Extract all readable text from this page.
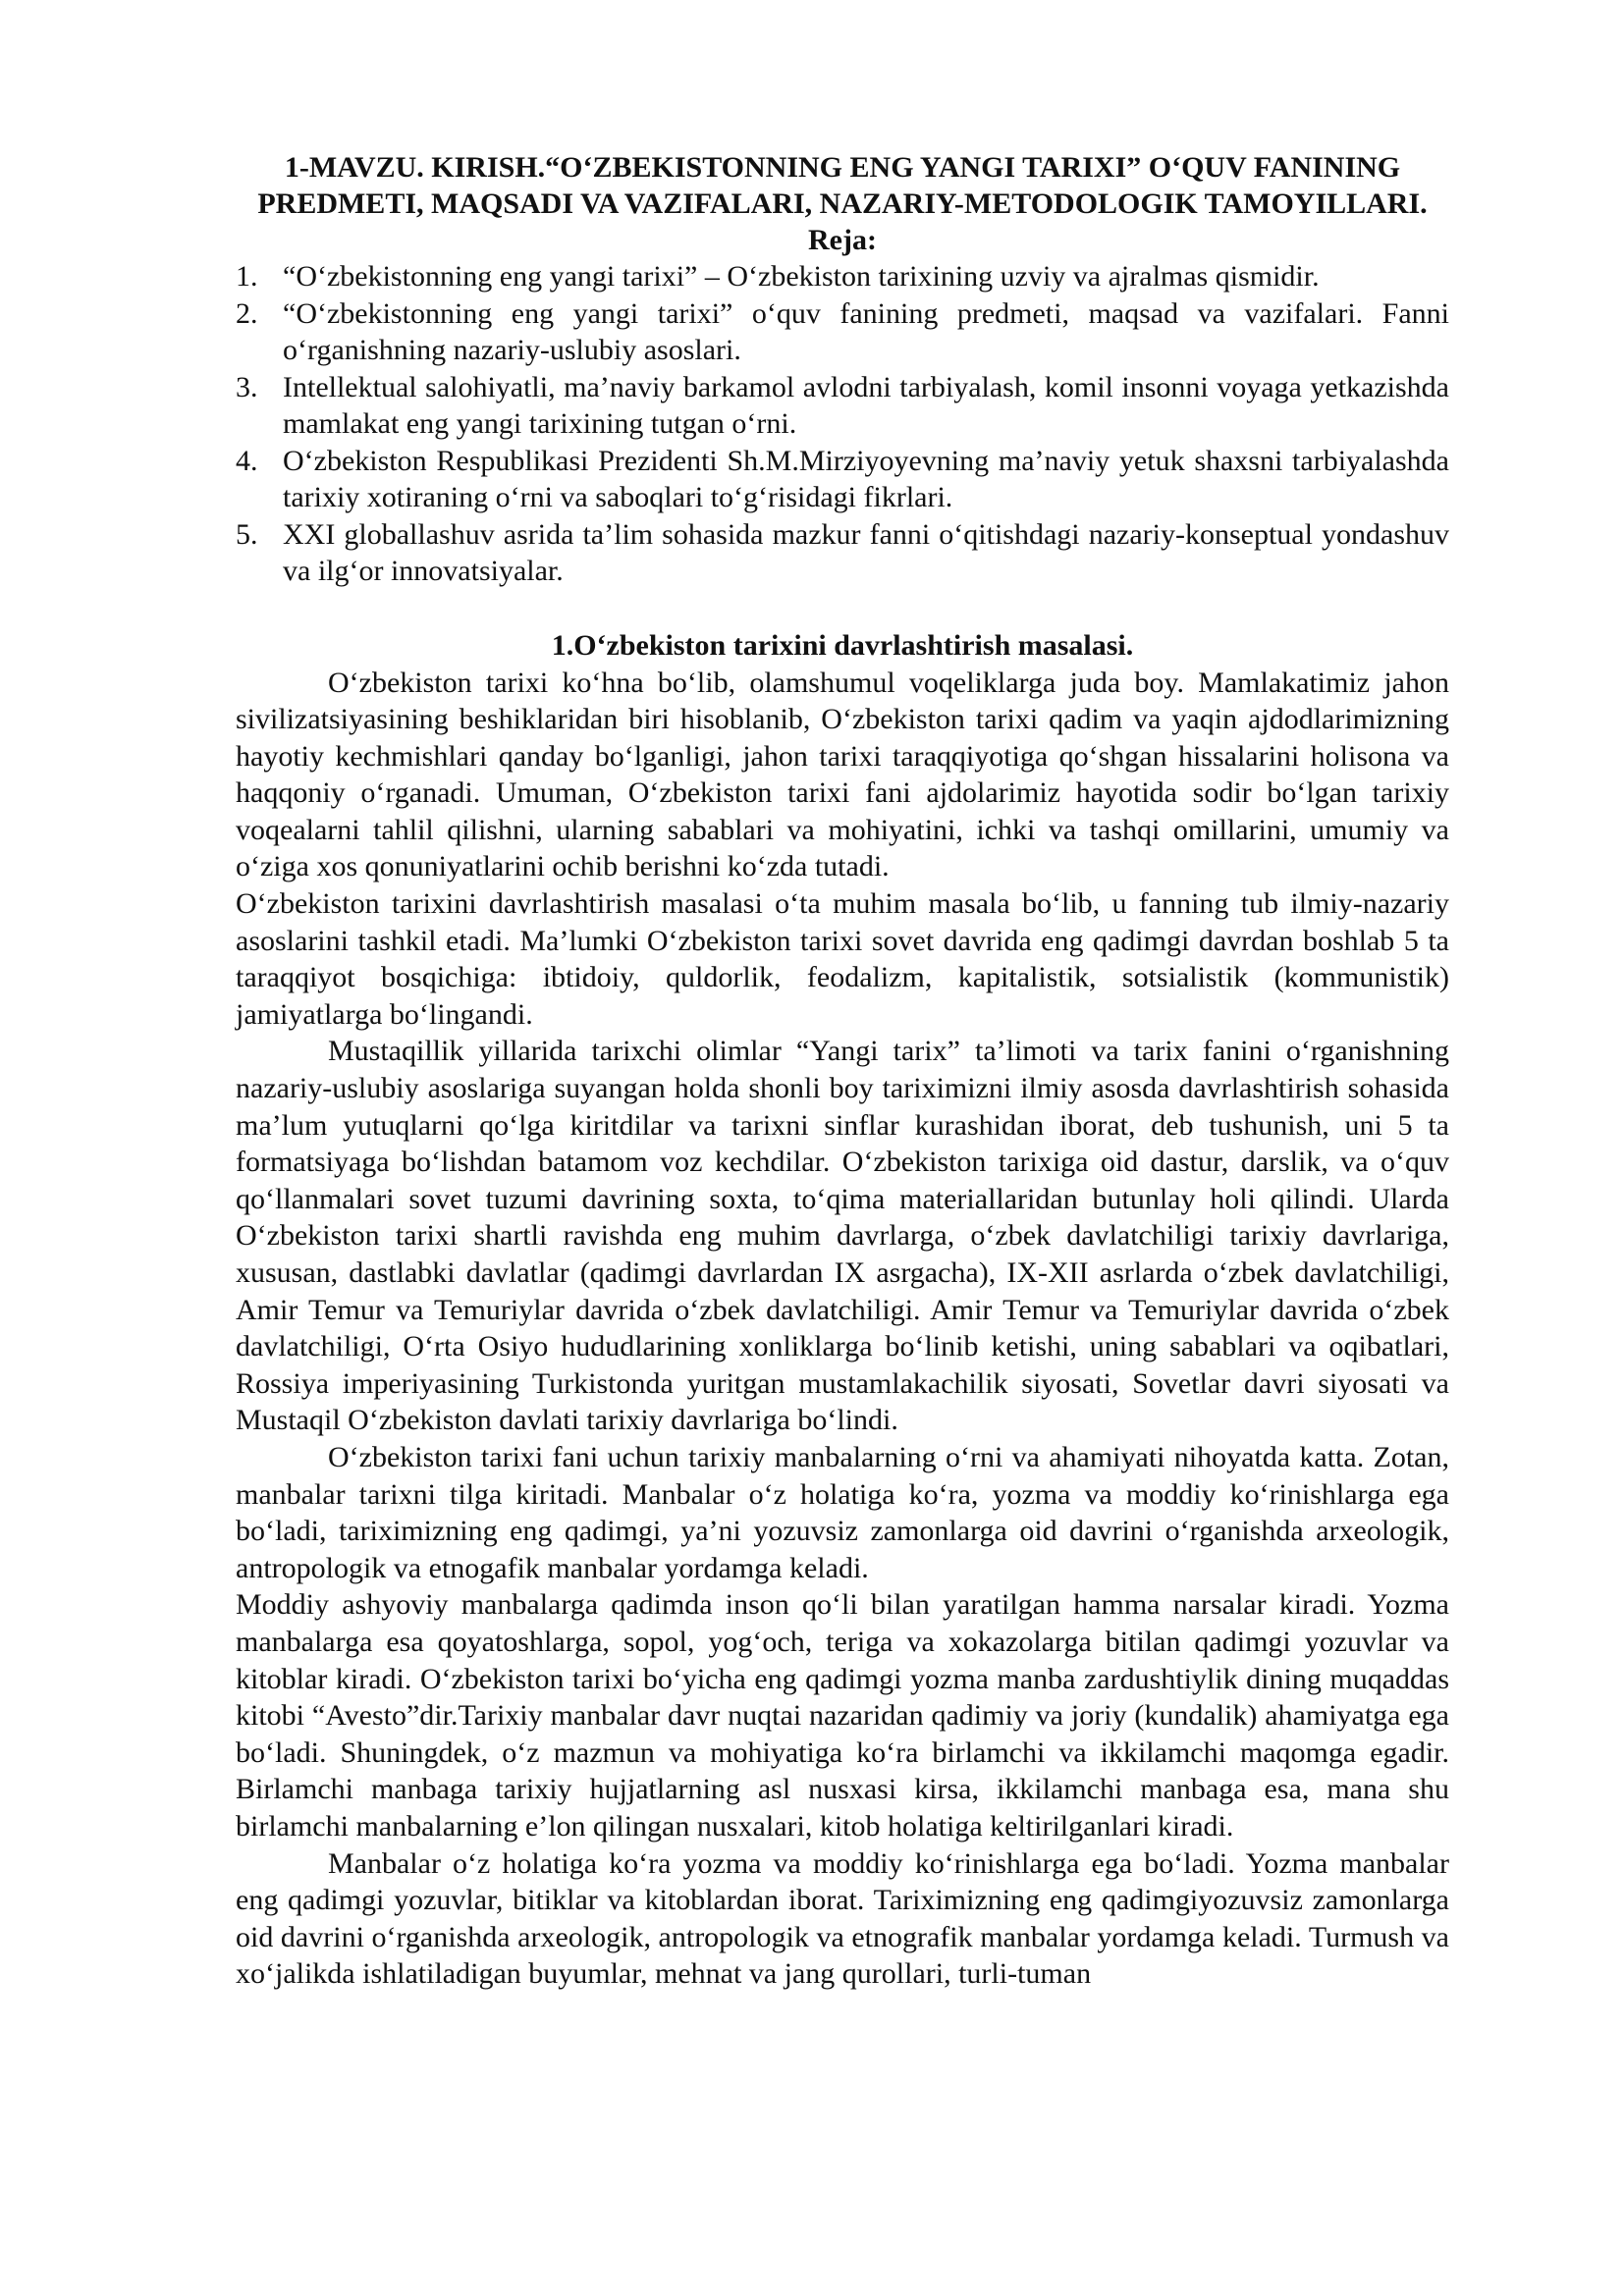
1-MAVZU. KIRISH.“O‘ZBEKISTONNING ENG YANGI TARIXI” O‘QUV FANINING PREDMETI, MAQSADI VA VAZIFALARI, NAZARIY-METODOLOGIK TAMOYILLARI.
Reja:
1. “O‘zbekistonning eng yangi tarixi” – O‘zbekiston tarixining uzviy va ajralmas qismidir.
2. “O‘zbekistonning eng yangi tarixi” o‘quv fanining predmeti, maqsad va vazifalari. Fanni o‘rganishning nazariy-uslubiy asoslari.
3. Intellektual salohiyatli, ma’naviy barkamol avlodni tarbiyalash, komil insonni voyaga yetkazishda mamlakat eng yangi tarixining tutgan o‘rni.
4. O‘zbekiston Respublikasi Prezidenti Sh.M.Mirziyoyevning ma’naviy yetuk shaxsni tarbiyalashda tarixiy xotiraning o‘rni va saboqlari to‘g‘risidagi fikrlari.
5. XXI globallashuv asrida ta’lim sohasida mazkur fanni o‘qitishdagi nazariy-konseptual yondashuv va ilg‘or innovatsiyalar.
1.O‘zbekiston tarixini davrlashtirish masalasi.

O‘zbekiston tarixi ko‘hna bo‘lib, olamshumul voqeliklarga juda boy. Mamlakatimiz jahon sivilizatsiyasining beshiklaridan biri hisoblanib, O‘zbekiston tarixi qadim va yaqin ajdodlarimizning hayotiy kechmishlari qanday bo‘lganligi, jahon tarixi taraqqiyotiga qo‘shgan hissalarini holisona va haqqoniy o‘rganadi. Umuman, O‘zbekiston tarixi fani ajdolarimiz hayotida sodir bo‘lgan tarixiy voqealarni tahlil qilishni, ularning sabablari va mohiyatini, ichki va tashqi omillarini, umumiy va o‘ziga xos qonuniyatlarini ochib berishni ko‘zda tutadi.

O‘zbekiston tarixini davrlashtirish masalasi o‘ta muhim masala bo‘lib, u fanning tub ilmiy-nazariy asoslarini tashkil etadi. Ma’lumki O‘zbekiston tarixi sovet davrida eng qadimgi davrdan boshlab 5 ta taraqqiyot bosqichiga: ibtidoiy, quldorlik, feodalizm, kapitalistik, sotsialistik (kommunistik) jamiyatlarga bo‘lingandi.

Mustaqillik yillarida tarixchi olimlar “Yangi tarix” ta’limoti va tarix fanini o‘rganishning nazariy-uslubiy asoslariga suyangan holda shonli boy tariximizni ilmiy asosda davrlashtirish sohasida ma’lum yutuqlarni qo‘lga kiritdilar va tarixni sinflar kurashidan iborat, deb tushunish, uni 5 ta formatsiyaga bo‘lishdan batamom voz kechdilar. O‘zbekiston tarixiga oid dastur, darslik, va o‘quv qo‘llanmalari sovet tuzumi davrining soxta, to‘qima materiallaridan butunlay holi qilindi. Ularda O‘zbekiston tarixi shartli ravishda eng muhim davrlarga, o‘zbek davlatchiligi tarixiy davrlariga, xususan, dastlabki davlatlar (qadimgi davrlardan IX asrgacha), IX-XII asrlarda o‘zbek davlatchiligi, Amir Temur va Temuriylar davrida o‘zbek davlatchiligi. Amir Temur va Temuriylar davrida o‘zbek davlatchiligi, O‘rta Osiyo hududlarining xonliklarga bo‘linib ketishi, uning sabablari va oqibatlari, Rossiya imperiyasining Turkistonda yuritgan mustamlakachilik siyosati, Sovetlar davri siyosati va Mustaqil O‘zbekiston davlati tarixiy davrlariga bo‘lindi.

O‘zbekiston tarixi fani uchun tarixiy manbalarning o‘rni va ahamiyati nihoyatda katta. Zotan, manbalar tarixni tilga kiritadi. Manbalar o‘z holatiga ko‘ra, yozma va moddiy ko‘rinishlarga ega bo‘ladi, tariximizning eng qadimgi, ya’ni yozuvsiz zamonlarga oid davrini o‘rganishda arxeologik, antropologik va etnogafik manbalar yordamga keladi.

Moddiy ashyoviy manbalarga qadimda inson qo‘li bilan yaratilgan hamma narsalar kiradi. Yozma manbalarga esa qoyatoshlarga, sopol, yog‘och, teriga va xokazolarga bitilan qadimgi yozuvlar va kitoblar kiradi. O‘zbekiston tarixi bo‘yicha eng qadimgi yozma manba zardushtiylik dining muqaddas kitobi “Avesto”dir.Tarixiy manbalar davr nuqtai nazaridan qadimiy va joriy (kundalik) ahamiyatga ega bo‘ladi. Shuningdek, o‘z mazmun va mohiyatiga ko‘ra birlamchi va ikkilamchi maqomga egadir. Birlamchi manbaga tarixiy hujjatlarning asl nusxasi kirsa, ikkilamchi manbaga esa, mana shu birlamchi manbalarning e’lon qilingan nusxalari, kitob holatiga keltirilganlari kiradi.

Manbalar o‘z holatiga ko‘ra yozma va moddiy ko‘rinishlarga ega bo‘ladi. Yozma manbalar eng qadimgi yozuvlar, bitiklar va kitoblardan iborat. Tariximizning eng qadimgiyozuvsiz zamonlarga oid davrini o‘rganishda arxeologik, antropologik va etnografik manbalar yordamga keladi. Turmush va xo‘jalikda ishlatiladigan buyumlar, mehnat va jang qurollari, turli-tuman
